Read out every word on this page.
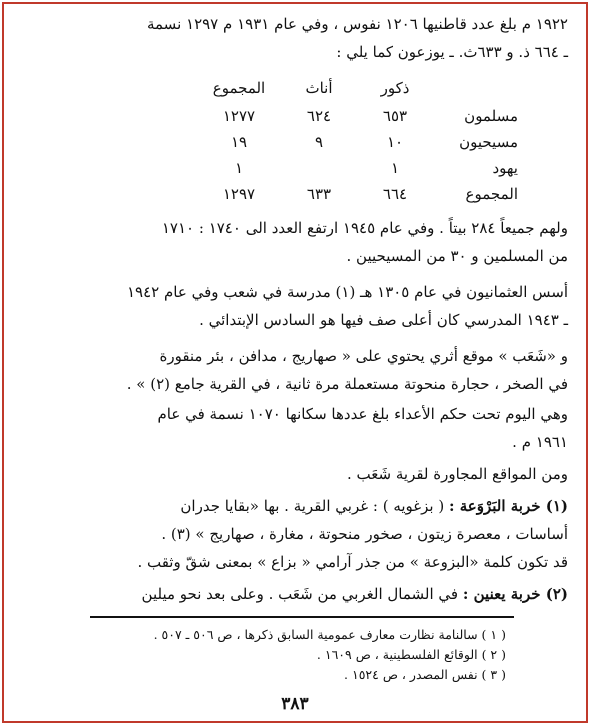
١٩٢٢ م بلغ عدد قاطنيها ١٢٠٦ نفوس ، وفي عام ١٩٣١ م ١٢٩٧ نسمة
ـ ٦٦٤ ذ. و ٦٣٣ث. ـ يوزعون كما يلي :
ذكور
أناث
المجموع
مسلمون
٦٥٣
٦٢٤
١٢٧٧
مسيحيون
١٠
٩
١٩
يهود
١
١
المجموع
٦٦٤
٦٣٣
١٢٩٧
ولهم جميعاً ٢٨٤ بيتاً . وفي عام ١٩٤٥ ارتفع العدد الى ١٧٤٠ : ١٧١٠
من المسلمين و ٣٠ من المسيحيين .
أسس العثمانيون في عام ١٣٠٥ هـ (١) مدرسة في شعب وفي عام ١٩٤٢
ـ ١٩٤٣ المدرسي كان أعلى صف فيها هو السادس الإبتدائي .
و «شَعَب » موقع أثري يحتوي على « صهاريج ، مدافن ، بئر منقورة
في الصخر ، حجارة منحوتة مستعملة مرة ثانية ، في القرية جامع (٢) » .
وهي اليوم تحت حكم الأعداء بلغ عددها سكانها ١٠٧٠ نسمة في عام
١٩٦١ م .
ومن المواقع المجاورة لقرية شَعَب .
(١) خربة البَرْوَعة : ( بزغويه ) : غربي القرية . بها «بقايا جدران
أساسات ، معصرة زيتون ، صخور منحوتة ، مغارة ، صهاريج » (٣) .
قد تكون كلمة «البزوعة » من جذر آرامي « بزاع » بمعنى شقّ وثقب .
(٢) خربة يعنين : في الشمال الغربي من شَعَب . وعلى بعد نحو ميلين
( ١ ) سالنامة نظارت معارف عمومية السابق ذكرها ، ص ٥٠٦ ـ ٥٠٧ .
( ٢ ) الوقائع الفلسطينية ، ص ١٦٠٩ .
( ٣ ) نفس المصدر ، ص ١٥٢٤ .
٣٨٣
